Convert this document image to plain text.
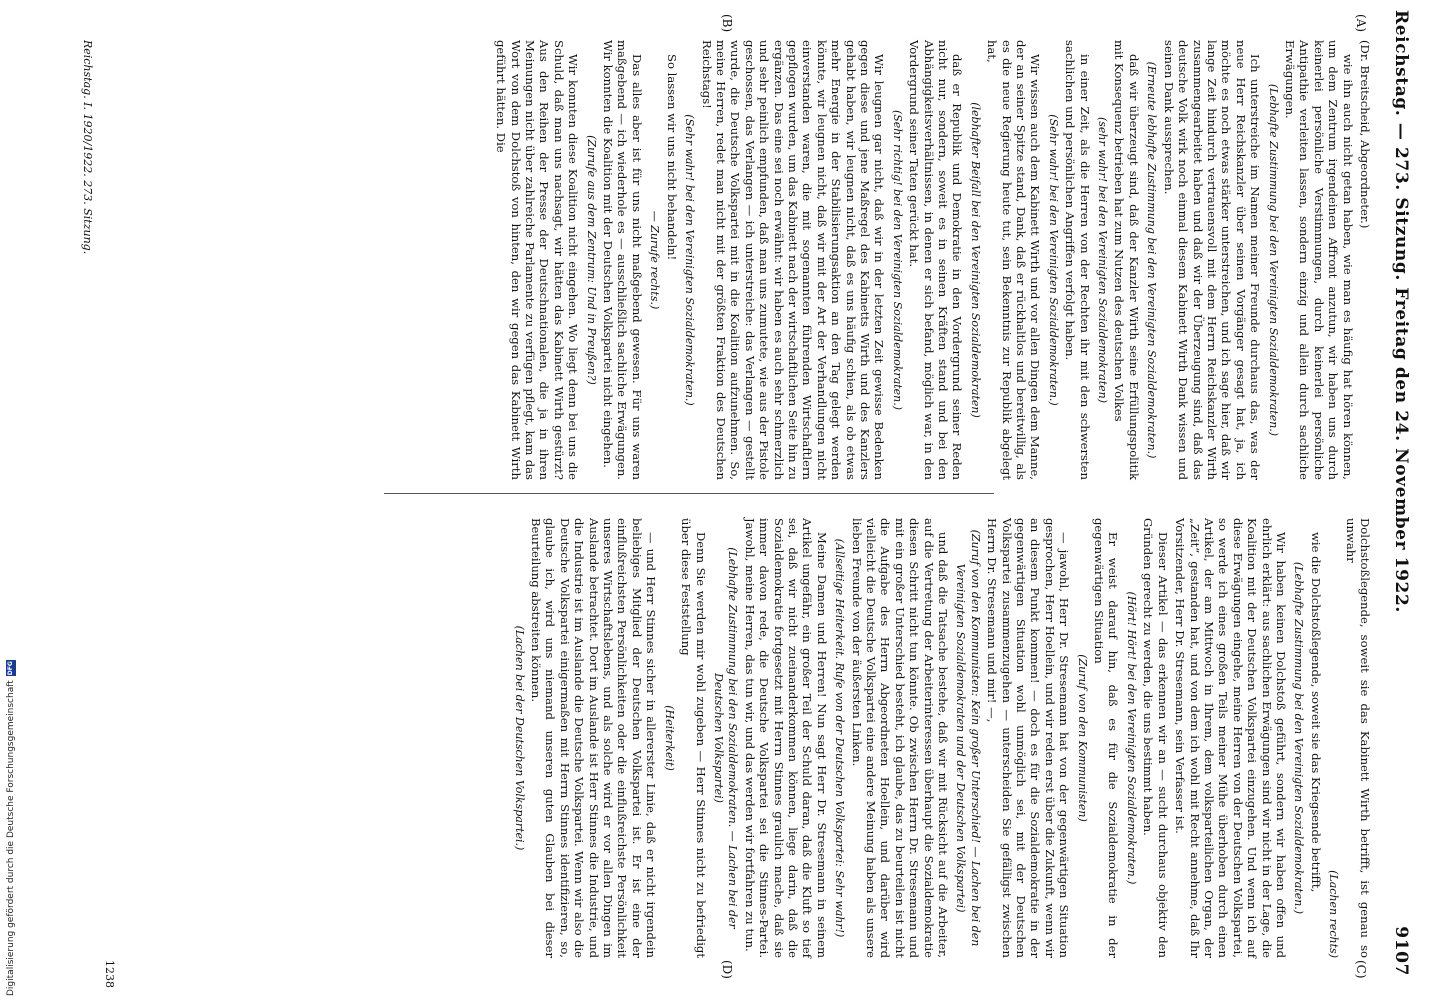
Reichstag. — 273. Sitzung. Freitag den 24. November 1922.
9107
(A)
(B)
(C)
(D)

(Dr. Breitscheid, Abgeordneter.)

wie ihn auch nicht getan haben, wie man es häufig hat hören können, um dem Zentrum irgendeinen Affront anzutun, wir haben uns durch keinerlei persönliche Verstimmungen, durch keinerlei persönliche Antipathie verleiten lassen, sondern einzig und allein durch sachliche Erwägungen.

(Lebhafte Zustimmung bei den Vereinigten Sozialdemokraten.)

Ich unterstreiche im Namen meiner Freunde durchaus das, was der neue Herr Reichskanzler über seinen Vorgänger gesagt hat, ja, ich möchte es noch etwas stärker unterstreichen, und ich sage hier, daß wir lange Zeit hindurch vertrauensvoll mit dem Herrn Reichskanzler Wirth zusammengearbeitet haben und daß wir der Überzeugung sind, daß das deutsche Volk wirk noch einmal diesem Kabinett Wirth Dank wissen und seinen Dank aussprechen.

(Erneute lebhafte Zustimmung bei den Vereinigten Sozialdemokraten.)

daß wir überzeugt sind, daß der Kanzler Wirth seine Erfüllungspolitik mit Konsequenz betrieben hat zum Nutzen des deutschen Volkes

(sehr wahr! bei den Vereinigten Sozialdemokraten)

in einer Zeit, als die Herren von der Rechten ihr mit den schwersten sachlichen und persönlichen Angriffen verfolgt haben.

(Sehr wahr! bei den Vereinigten Sozialdemokraten.)

Wir wissen auch dem Kabinett Wirth und vor allen Dingen dem Manne, der an seiner Spitze stand, Dank, daß er rückhaltlos und bereitwillig, als es die neue Regierung heute tut, sein Bekenntnis zur Republik abgelegt hat,

(lebhafter Beifall bei den Vereinigten Sozialdemokraten)

daß er Republik und Demokratie in den Vordergrund seiner Reden nicht nur, sondern, soweit es in seinen Kräften stand und bei den Abhängigkeitsverhältnissen, in denen er sich befand, möglich war, in den Vordergrund seiner Taten gerückt hat.

(Sehr richtig! bei den Vereinigten Sozialdemokraten.)

Wir leugnen gar nicht, daß wir in der letzten Zeit gewisse Bedenken gegen diese und jene Maßregel des Kabinetts Wirth und des Kanzlers gehabt haben, wir leugnen nicht, daß es uns häufig schien, als ob etwas mehr Energie in der Stabilisierungsaktion an den Tag gelegt werden könnte, wir leugnen nicht, daß wir mit der Art der Verhandlungen nicht einverstanden waren, die mit sogenannten führenden Wirtschaftlern gepflogen wurden, um das Kabinett nach der wirtschaftlichen Seite hin zu ergänzen. Das eine sei noch erwähnt: wir haben es auch sehr schmerzlich und sehr peinlich empfunden, daß man uns zumutete, wie aus der Pistole geschossen, das Verlangen — ich unterstreiche: das Verlangen — gestellt wurde, die Deutsche Volkspartei mit in die Koalition aufzunehmen. So, meine Herren, redet man nicht mit der größten Fraktion des Deutschen Reichstags!

(Sehr wahr! bei den Vereinigten Sozialdemokraten.)

So lassen wir uns nicht behandeln!

— Zurufe rechts.)

Das alles aber ist für uns nicht maßgebend gewesen. Für uns waren maßgebend — ich wiederhole es — ausschließlich sachliche Erwägungen. Wir konnten die Koalition mit der Deutschen Volkspartei nicht eingehen.

(Zurufe aus dem Zentrum: Und in Preußen?)

Wir konnten diese Koalition nicht eingehen. Wo liegt denn bei uns die Schuld, daß man uns nachsagt, wir hätten das Kabinett Wirth gestürzt? Aus den Reihen der Presse der Deutschnationalen, die ja in ihren Meinungen nicht über zahlreiche Parlamente zu verfügen pflegt, kam das Wort von dem Dolchstoß von hinten, den wir gegen das Kabinett Wirth geführt hätten. Die

Dolchstoßlegende, soweit sie das Kabinett Wirth betrifft, ist genau so unwahr

(Lachen rechts)

wie die Dolchstoßlegende, soweit sie das Kriegsende betrifft,

(Lebhafte Zustimmung bei den Vereinigten Sozialdemokraten.)

Wir haben keinen Dolchstoß geführt, sondern wir haben offen und ehrlich erklärt: aus sachlichen Erwägungen sind wir nicht in der Lage, die Koalition mit der Deutschen Volkspartei einzugehen. Und wenn ich auf diese Erwägungen eingehe, meine Herren von der Deutschen Volkspartei, so werde ich eines großen Teils meiner Mühe überhoben durch einen Artikel, der am Mittwoch in Ihrem, dem volksparteilichen Organ, der „Zeit“, gestanden hat, und von dem ich wohl mit Recht annehme, daß Ihr Vorsitzender, Herr Dr. Stresemann, sein Verfasser ist.

Dieser Artikel — das erkennen wir an — sucht durchaus objektiv den Gründen gerecht zu werden, die uns bestimmt haben.

(Hört! Hört! bei den Vereinigten Sozialdemokraten.)

Er weist darauf hin, daß es für die Sozialdemokratie in der gegenwärtigen Situation

(Zuruf von den Kommunisten)

— jawohl, Herr Dr. Stresemann hat von der gegenwärtigen Situation gesprochen, Herr Hoellein, und wir reden erst über die Zukunft, wenn wir an diesem Punkt kommen! — doch es für die Sozialdemokratie in der gegenwärtigen Situation wohl unmöglich sei, mit der Deutschen Volkspartei zusammenzugehen — unterscheiden Sie gefälligst zwischen Herrn Dr. Stresemann und mir! —,

(Zuruf von den Kommunisten: Kein großer Unterschied! — Lachen bei den Vereinigten Sozialdemokraten und der Deutschen Volkspartei)

und daß die Tatsache bestehe, daß wir mit Rücksicht auf die Arbeiter, auf die Vertretung der Arbeiterinteressen überhaupt die Sozialdemokratie diesen Schritt nicht tun könnte. Ob zwischen Herrn Dr. Stresemann und mit ein großer Unterschied besteht, ich glaube, das zu beurteilen ist nicht die Aufgabe des Herrn Abgeordneten Hoellein, und darüber wird vielleicht die Deutsche Volkspartei eine andere Meinung haben als unsere lieben Freunde von der äußersten Linken.

(Allseitige Heiterkeit. Rufe von der Deutschen Volkspartei: Sehr wahr!)

Meine Damen und Herren! Nun sagt Herr Dr. Stresemann in seinem Artikel ungefähr, ein großer Teil der Schuld daran, daß die Kluft so tief sei, daß wir nicht zueinanderkommen können, liege darin, daß die Sozialdemokratie fortgesetzt mit Herrn Stinnes graulich mache, daß sie immer davon rede, die Deutsche Volkspartei sei die Stinnes-Partei. Jawohl, meine Herren, das tun wir, und das werden wir fortfahren zu tun.

(Lebhafte Zustimmung bei den Sozialdemokraten. — Lachen bei der Deutschen Volkspartei)

Denn Sie werden mir wohl zugeben — Herr Stinnes nicht zu befriedigt über diese Feststellung

(Heiterkeit)

— und Herr Stinnes sicher in allererster Linie, daß er nicht irgendein beliebiges Mitglied der Deutschen Volkspartei ist. Er ist eine der einflußreichsten Persönlichkeiten oder die einflußreichste Persönlichkeit unseres Wirtschaftslebens, und als solche wird er vor allen Dingen im Auslande betrachtet. Dort im Auslande ist Herr Stinnes die Industrie, und die Industrie ist im Auslande die Deutsche Volkspartei. Wenn wir also die Deutsche Volkspartei einigermaßen mit Herrn Stinnes identifizieren, so, glaube ich, wird uns niemand unseren guten Glauben bei dieser Beurteilung abstreiten können.

(Lachen bei der Deutschen Volkspartei.)

Reichstag. I. 1920/1922. 273. Sitzung.
1238
Digitalisierung gefördert durch die Deutsche Forschungsgemeinschaft
DFG
